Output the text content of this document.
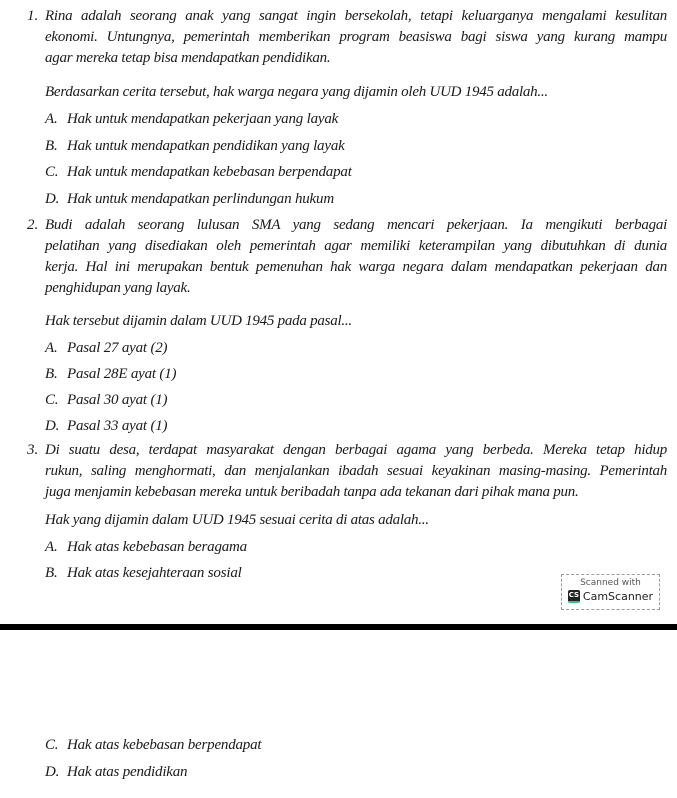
1. Rina adalah seorang anak yang sangat ingin bersekolah, tetapi keluarganya mengalami kesulitan
ekonomi. Untungnya, pemerintah memberikan program beasiswa bagi siswa yang kurang mampu
agar mereka tetap bisa mendapatkan pendidikan.
Berdasarkan cerita tersebut, hak warga negara yang dijamin oleh UUD 1945 adalah...
A. Hak untuk mendapatkan pekerjaan yang layak
B. Hak untuk mendapatkan pendidikan yang layak
C. Hak untuk mendapatkan kebebasan berpendapat
D. Hak untuk mendapatkan perlindungan hukum
2. Budi adalah seorang lulusan SMA yang sedang mencari pekerjaan. Ia mengikuti berbagai
pelatihan yang disediakan oleh pemerintah agar memiliki keterampilan yang dibutuhkan di dunia
kerja. Hal ini merupakan bentuk pemenuhan hak warga negara dalam mendapatkan pekerjaan dan
penghidupan yang layak.
Hak tersebut dijamin dalam UUD 1945 pada pasal...
A. Pasal 27 ayat (2)
B. Pasal 28E ayat (1)
C. Pasal 30 ayat (1)
D. Pasal 33 ayat (1)
3. Di suatu desa, terdapat masyarakat dengan berbagai agama yang berbeda. Mereka tetap hidup
rukun, saling menghormati, dan menjalankan ibadah sesuai keyakinan masing-masing. Pemerintah
juga menjamin kebebasan mereka untuk beribadah tanpa ada tekanan dari pihak mana pun.
Hak yang dijamin dalam UUD 1945 sesuai cerita di atas adalah...
A. Hak atas kebebasan beragama
B. Hak atas kesejahteraan sosial
C. Hak atas kebebasan berpendapat
D. Hak atas pendidikan
Scanned with
CS CamScanner
